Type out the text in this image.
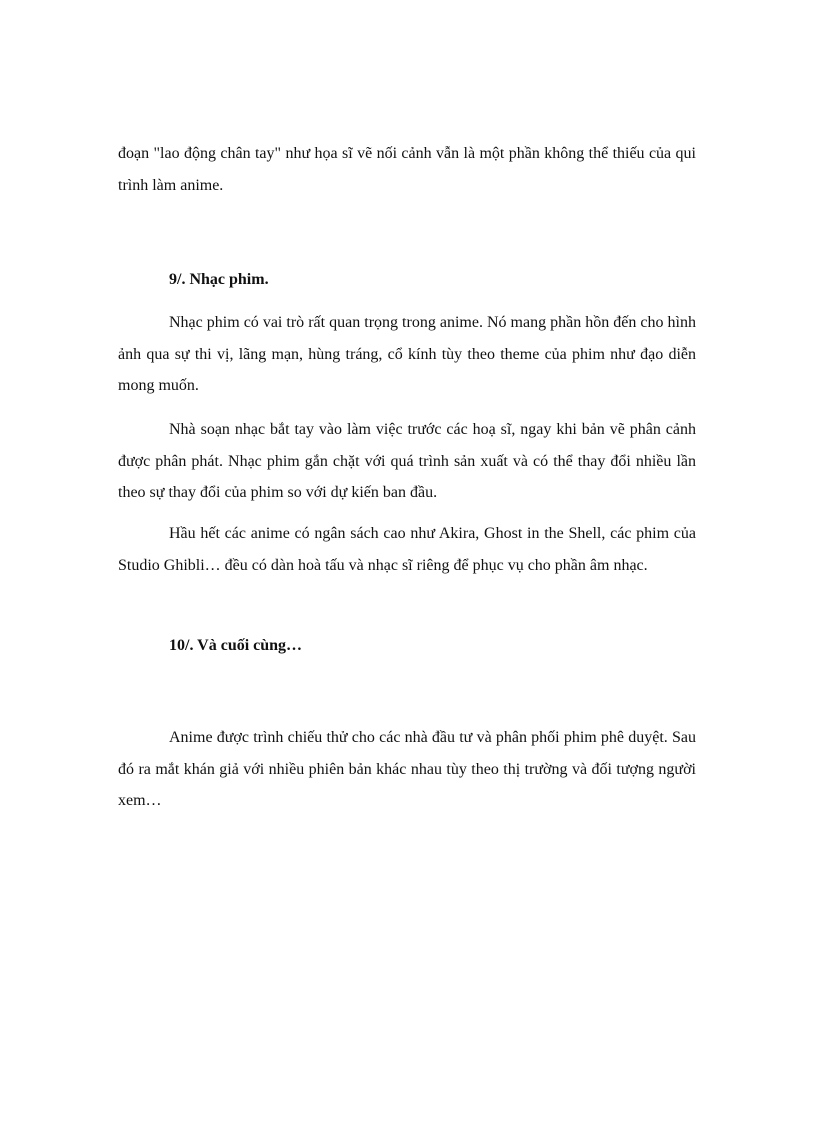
đoạn "lao động chân tay" như họa sĩ vẽ nối cảnh vẫn là một phần không thể thiếu của qui trình làm anime.

9/. Nhạc phim.

Nhạc phim có vai trò rất quan trọng trong anime. Nó mang phần hồn đến cho hình ảnh qua sự thi vị, lãng mạn, hùng tráng, cổ kính tùy theo theme của phim như đạo diễn mong muốn.

Nhà soạn nhạc bắt tay vào làm việc trước các hoạ sĩ, ngay khi bản vẽ phân cảnh được phân phát. Nhạc phim gắn chặt với quá trình sản xuất và có thể thay đổi nhiều lần theo sự thay đổi của phim so với dự kiến ban đầu.

Hầu hết các anime có ngân sách cao như Akira, Ghost in the Shell, các phim của Studio Ghibli… đều có dàn hoà tấu và nhạc sĩ riêng để phục vụ cho phần âm nhạc.

10/. Và cuối cùng…

Anime được trình chiếu thử cho các nhà đầu tư và phân phối phim phê duyệt. Sau đó ra mắt khán giả với nhiều phiên bản khác nhau tùy theo thị trường và đối tượng người xem…
